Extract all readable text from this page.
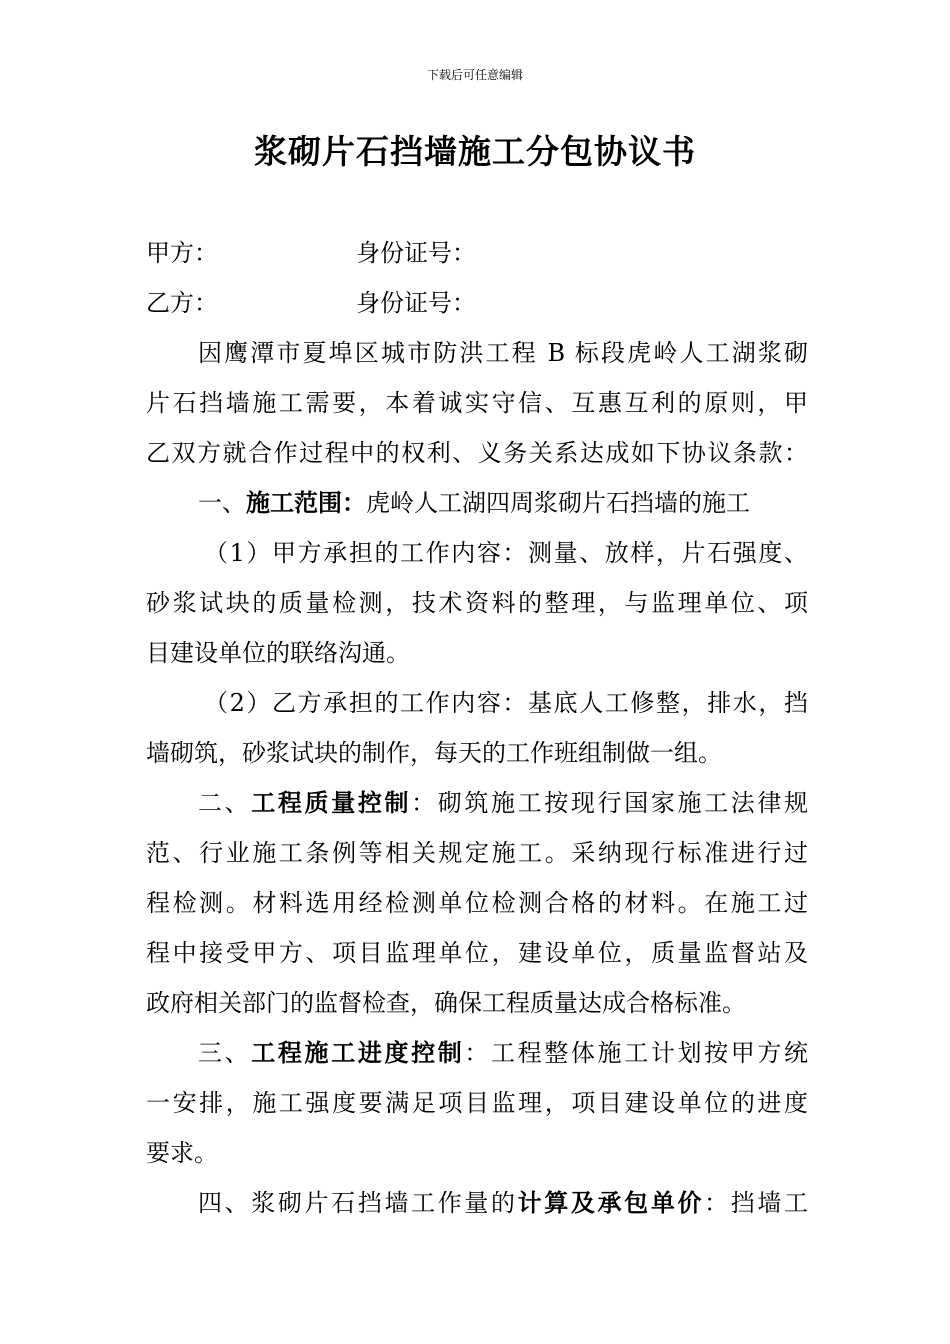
下载后可任意编辑
浆砌片石挡墙施工分包协议书
甲方：	身份证号：
乙方：	身份证号：
因鹰潭市夏埠区城市防洪工程 B 标段虎岭人工湖浆砌
片石挡墙施工需要，本着诚实守信、互惠互利的原则，甲
乙双方就合作过程中的权利、义务关系达成如下协议条款：
一、施工范围：虎岭人工湖四周浆砌片石挡墙的施工
（1）甲方承担的工作内容：测量、放样，片石强度、
砂浆试块的质量检测，技术资料的整理，与监理单位、项
目建设单位的联络沟通。
（2）乙方承担的工作内容：基底人工修整，排水，挡
墙砌筑，砂浆试块的制作，每天的工作班组制做一组。
二、工程质量控制：砌筑施工按现行国家施工法律规
范、行业施工条例等相关规定施工。采纳现行标准进行过
程检测。材料选用经检测单位检测合格的材料。在施工过
程中接受甲方、项目监理单位，建设单位，质量监督站及
政府相关部门的监督检查，确保工程质量达成合格标准。
三、工程施工进度控制：工程整体施工计划按甲方统
一安排，施工强度要满足项目监理，项目建设单位的进度
要求。
四、浆砌片石挡墙工作量的计算及承包单价：挡墙工
